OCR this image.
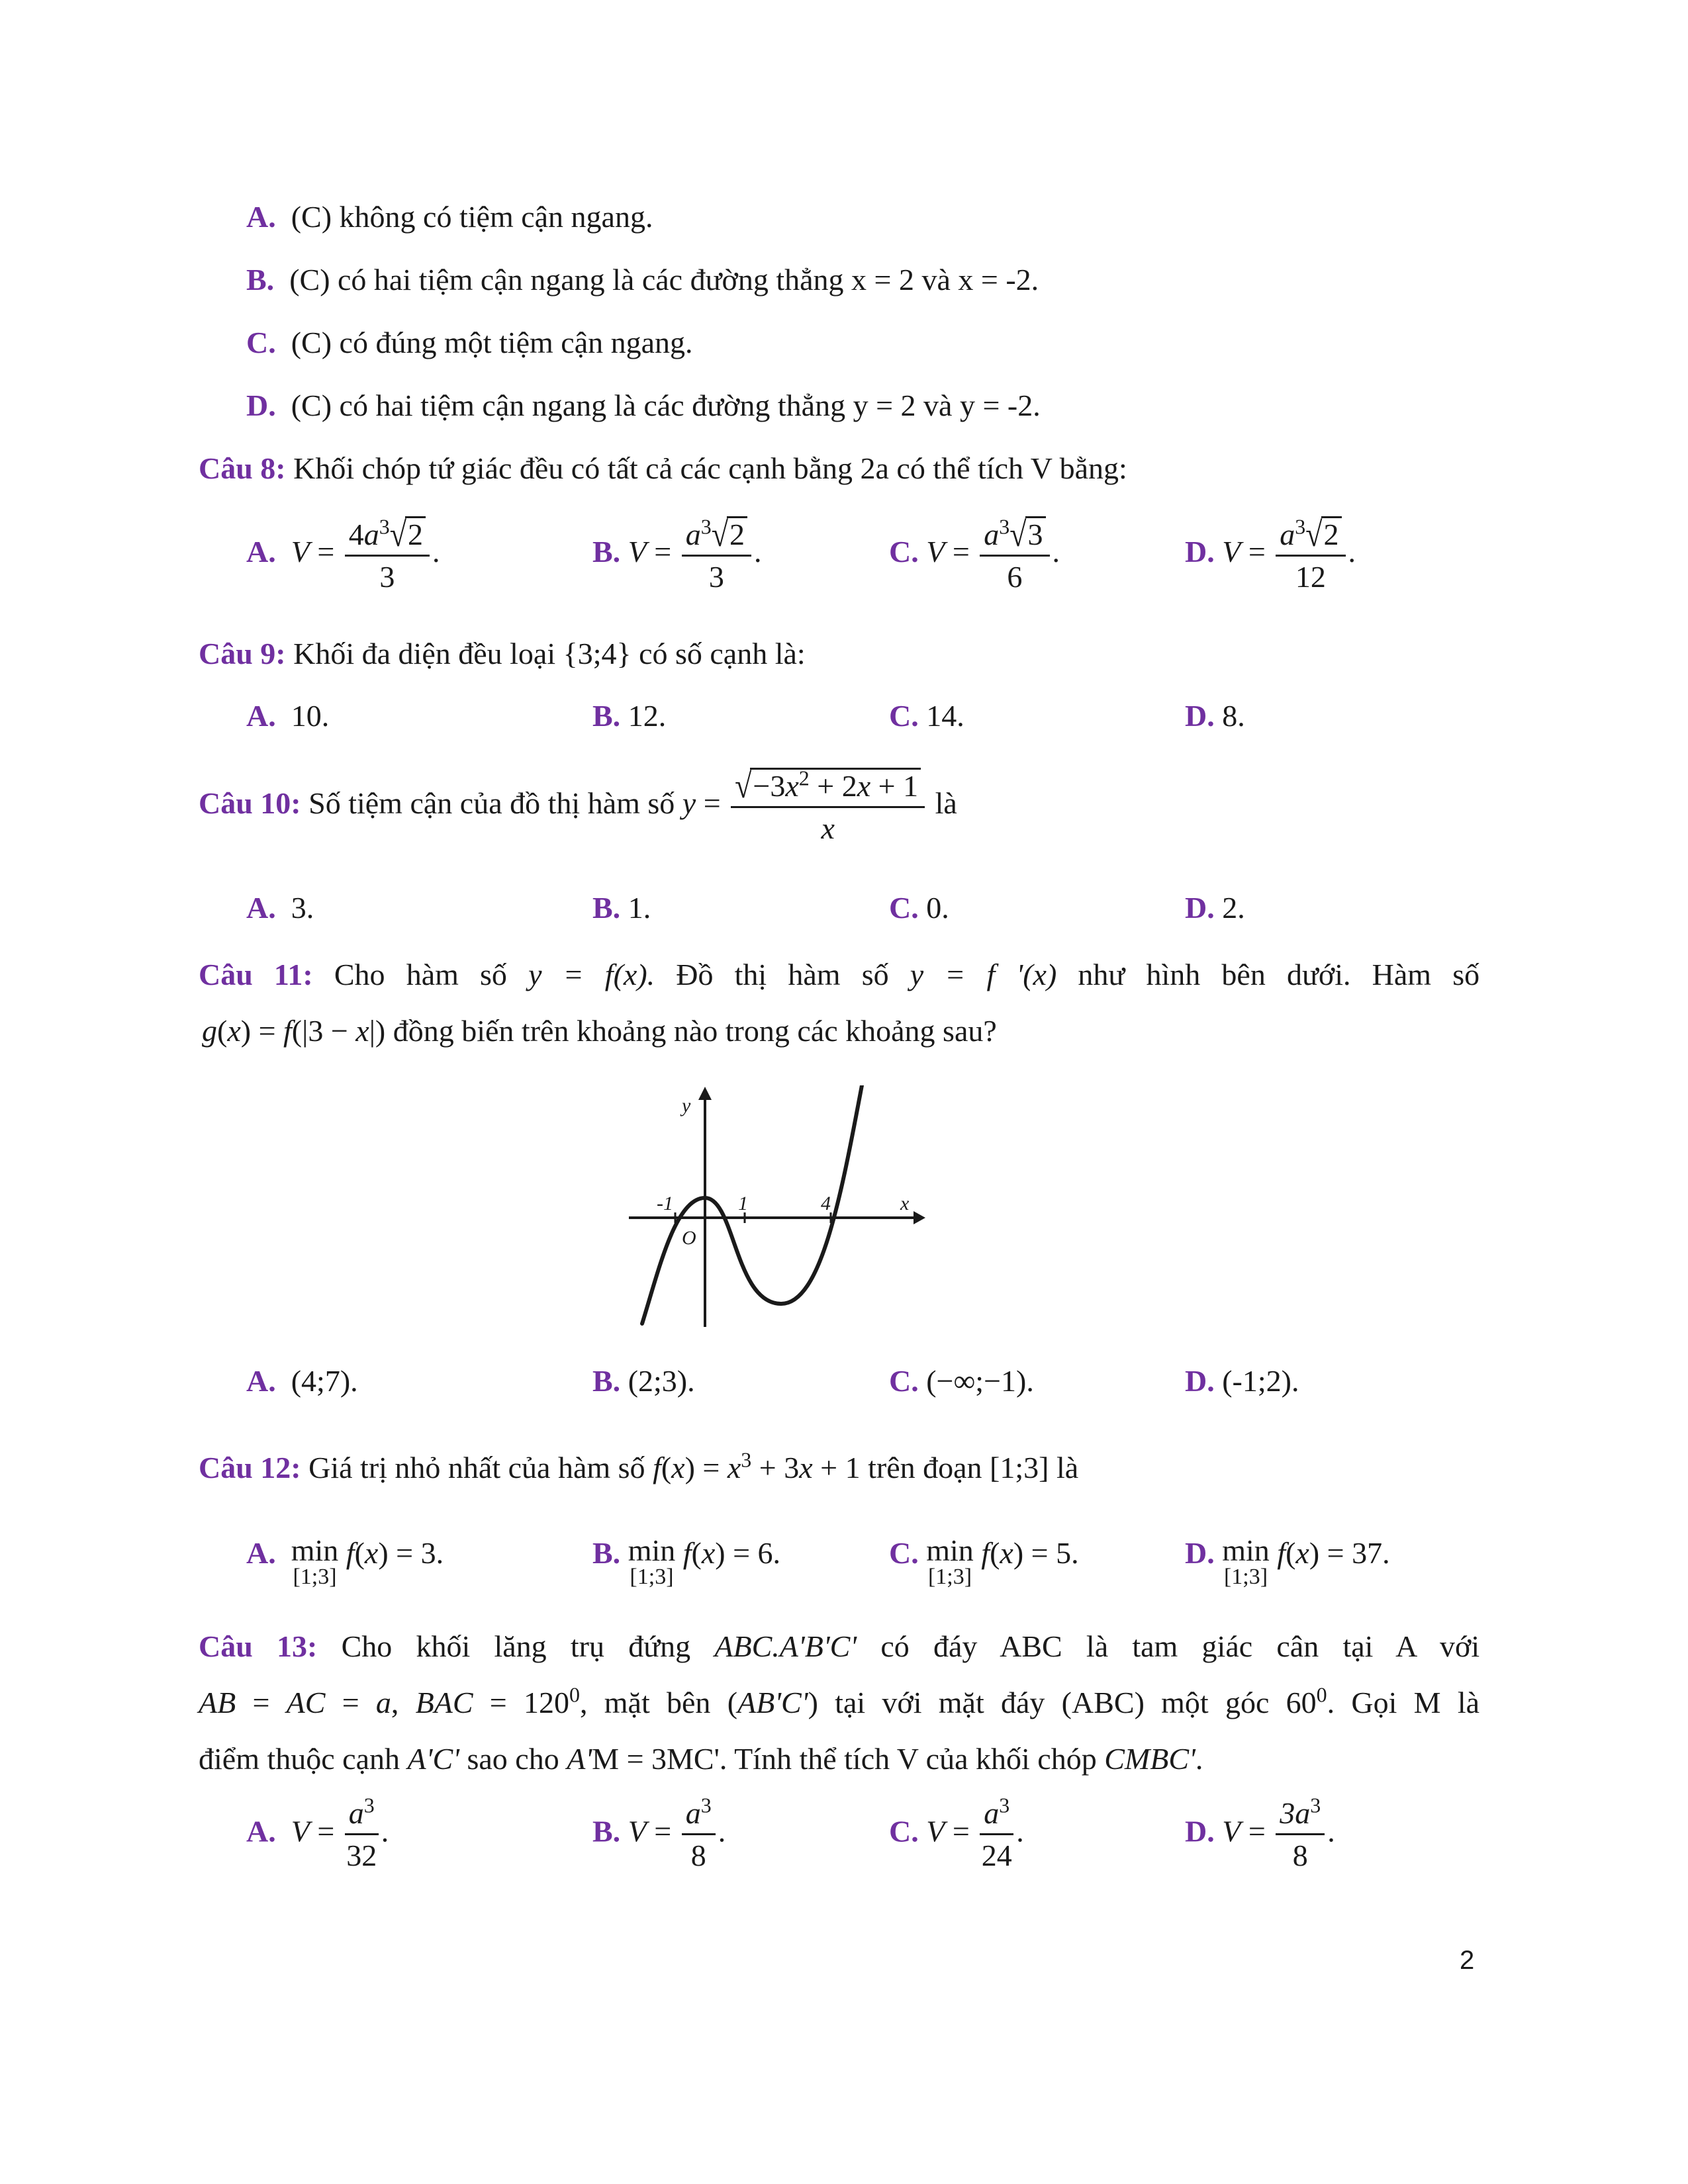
A. (C) không có tiệm cận ngang.
B. (C) có hai tiệm cận ngang là các đường thẳng x = 2 và x = -2.
C. (C) có đúng một tiệm cận ngang.
D. (C) có hai tiệm cận ngang là các đường thẳng y = 2 và y = -2.
Câu 8: Khối chóp tứ giác đều có tất cả các cạnh bằng 2a có thể tích V bằng:
A. $V = \frac{4a^3√2}{3}$ .	B. $V = \frac{a^3√2}{3}$ .	C. $V = \frac{a^3√3}{6}$ .	D. $V = \frac{a^3√2}{12}$ .
Câu 9: Khối đa diện đều loại {3;4} có số cạnh là:
A. 10.	B. 12.	C. 14.	D. 8.
Câu 10: Số tiệm cận của đồ thị hàm số $y = \frac{√-3x^2 + 2x + 1}{x}$ là
A. 3.	B. 1.	C. 0.	D. 2.
Câu 11: Cho hàm số y = f(x). Đồ thị hàm số y = f '(x) như hình bên dưới. Hàm số
g(x) = f(|3 − x|) đồng biến trên khoảng nào trong các khoảng sau?
y
x
O
-1	1	4
A. (4;7).	B. (2;3).	C. (−∞;−1).	D. (-1;2).
Câu 12: Giá trị nhỏ nhất của hàm số $f(x) = x^3 + 3x + 1$ trên đoạn [1;3] là
A. min
[1;3]
f(x) = 3.	B. min
[1;3]
f(x) = 6.	C. min
[1;3]
f(x) = 5.	D. min
[1;3]
f(x) = 37.
Câu 13: Cho khối lăng trụ đứng ABC.A'B'C' có đáy ABC là tam giác cân tại A với
AB = AC = a, BAC = $120^0$, mặt bên (AB'C') tại với mặt đáy (ABC) một góc $60^0$. Gọi M là
điểm thuộc cạnh A'C' sao cho A'M = 3MC'. Tính thể tích V của khối chóp CMBC'.
A. $V = \frac{a^3}{32}$ .	B. $V = \frac{a^3}{8}$ .	C. $V = \frac{a^3}{24}$ .	D. $V = \frac{3a^3}{8}$ .
2
